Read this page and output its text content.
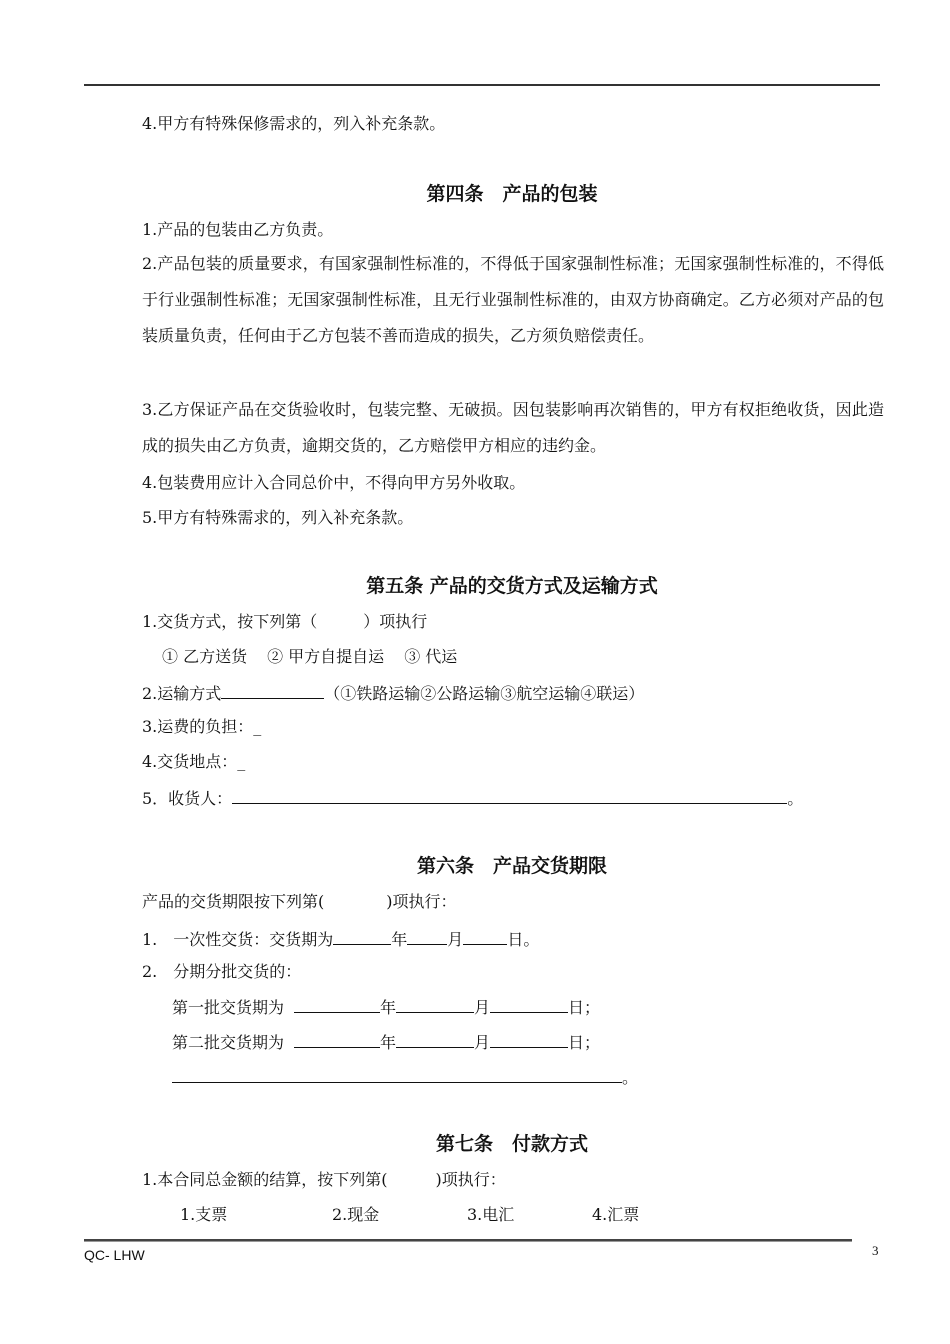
4.甲方有特殊保修需求的，列入补充条款。
第四条　产品的包装
1.产品的包装由乙方负责。
2.产品包装的质量要求，有国家强制性标准的，不得低于国家强制性标准；无国家强制性标准的，不得低于行业强制性标准；无国家强制性标准，且无行业强制性标准的，由双方协商确定。乙方必须对产品的包装质量负责，任何由于乙方包装不善而造成的损失，乙方须负赔偿责任。
3.乙方保证产品在交货验收时，包装完整、无破损。因包装影响再次销售的，甲方有权拒绝收货，因此造成的损失由乙方负责，逾期交货的，乙方赔偿甲方相应的违约金。
4.包装费用应计入合同总价中，不得向甲方另外收取。
5.甲方有特殊需求的，列入补充条款。
第五条 产品的交货方式及运输方式
1.交货方式，按下列第（	）项执行
① 乙方送货 ② 甲方自提自运 ③ 代运
2.运输方式	（①铁路运输②公路运输③航空运输④联运）
3.运费的负担：_
4.交货地点：_
5．收货人：	。
第六条　产品交货期限
产品的交货期限按下列第(	)项执行：
1.　一次性交货：交货期为	年	月	日。
2.　分期分批交货的：
第一批交货期为	年	月	日；
第二批交货期为	年	月	日；
。
第七条　付款方式
1.本合同总金额的结算，按下列第(	)项执行：
1.支票	2.现金	3.电汇	4.汇票
QC- LHW	3
